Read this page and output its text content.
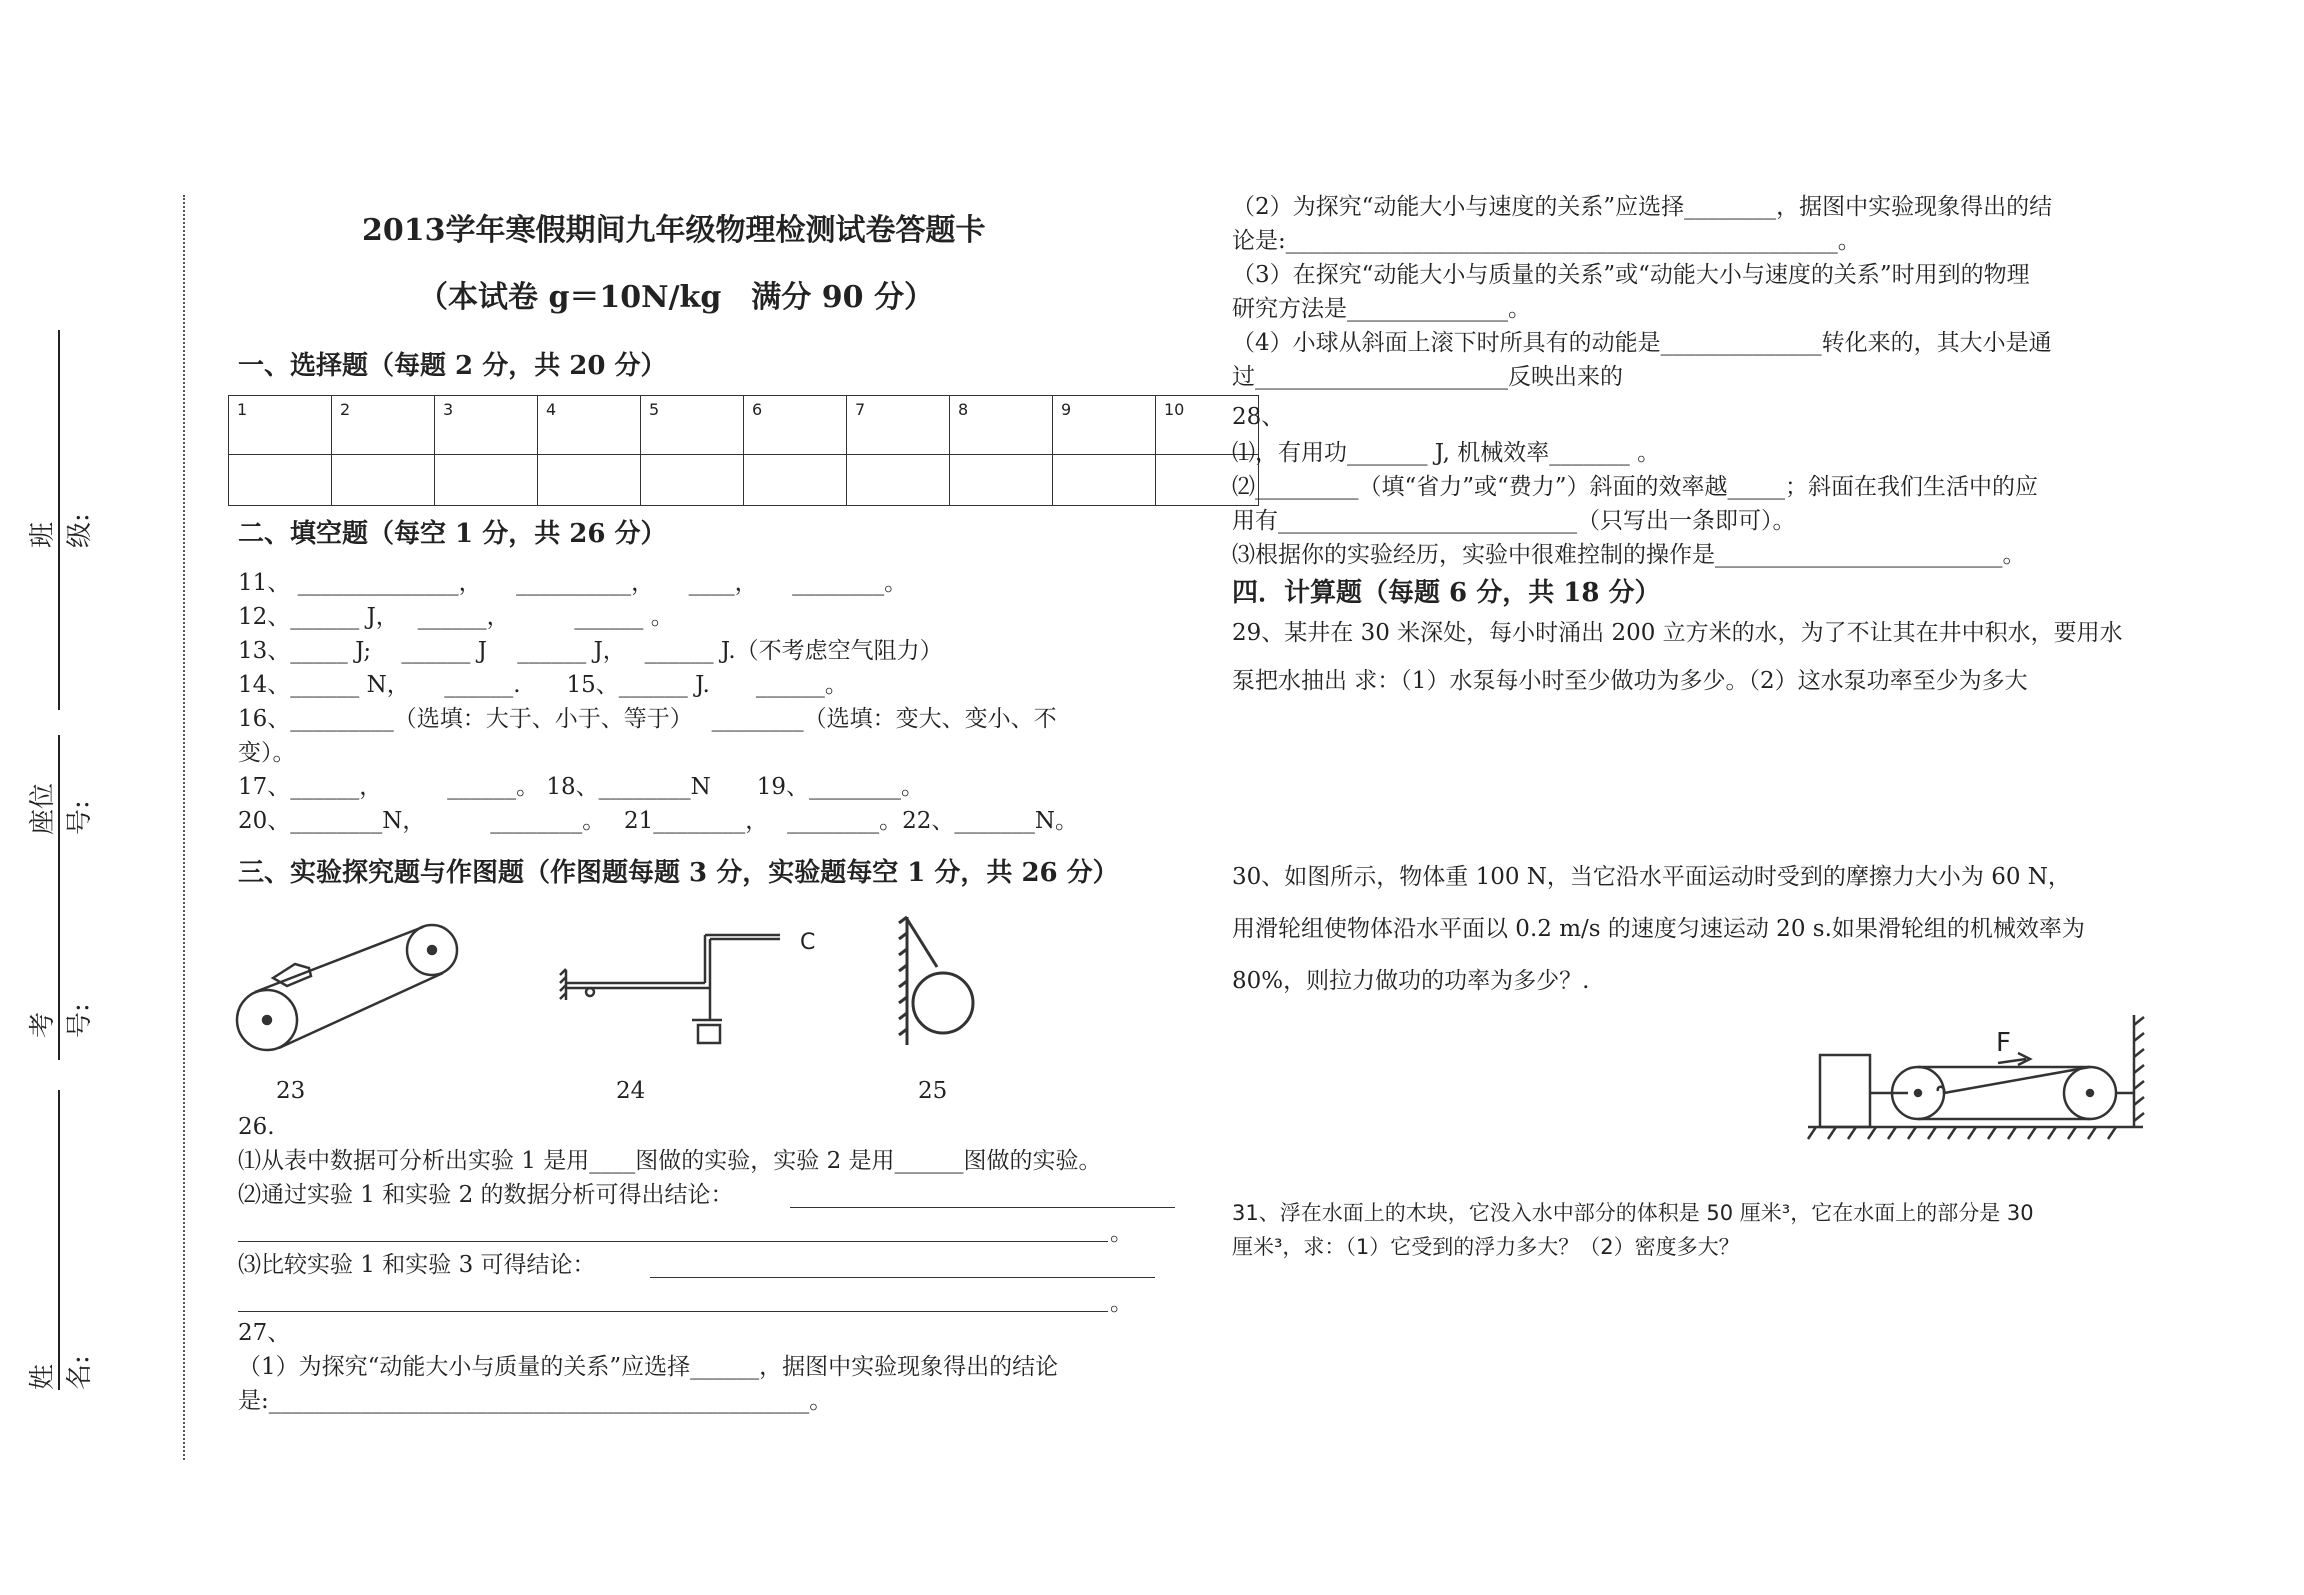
班级:
座位号:
考号:
姓名:
2013学年寒假期间九年级物理检测试卷答题卡
（本试卷 g＝10N/kg　满分 90 分）
一、选择题（每题 2 分，共 20 分）
1	2	3	4	5	6	7	8	9	10

二、填空题（每空 1 分，共 26 分）
11、 ______________，　　__________，　　____，　　________。
12、______ J，　 ______，　　　 ______ 。
13、_____ J;　 ______ J　 ______ J，　 ______ J.（不考虑空气阻力）
14、______ N，　　______.　　15、______ J.　　______。
16、_________（选填：大于、小于、等于）　 ________（选填：变大、变小、不
变）。
17、______，　　　 ______。 18、________N　　19、________。
20、________N，　　　 ________。　 21________，　 ________。22、_______N。
三、实验探究题与作图题（作图题每题 3 分，实验题每空 1 分，共 26 分）
23
C
24	25
26.
⑴从表中数据可分析出实验 1 是用____图做的实验，实验 2 是用______图做的实验。
⑵通过实验 1 和实验 2 的数据分析可得出结论：
。
⑶比较实验 1 和实验 3 可得结论：
。
27、
（1）为探究“动能大小与质量的关系”应选择______，据图中实验现象得出的结论
是:_______________________________________________。
（2）为探究“动能大小与速度的关系”应选择________，据图中实验现象得出的结
论是:________________________________________________。
（3）在探究“动能大小与质量的关系”或“动能大小与速度的关系”时用到的物理
研究方法是______________。
（4）小球从斜面上滚下时所具有的动能是______________转化来的，其大小是通
过______________________反映出来的
28、
⑴，有用功_______ J, 机械效率_______ 。
⑵_________（填“省力”或“费力”）斜面的效率越_____；斜面在我们生活中的应
用有__________________________（只写出一条即可）。
⑶根据你的实验经历，实验中很难控制的操作是_________________________。
四．计算题（每题 6 分，共 18 分）
29、某井在 30 米深处，每小时涌出 200 立方米的水，为了不让其在井中积水，要用水
泵把水抽出 求：（1）水泵每小时至少做功为多少。（2）这水泵功率至少为多大
30、如图所示，物体重 100 N，当它沿水平面运动时受到的摩擦力大小为 60 N，
用滑轮组使物体沿水平面以 0.2 m/s 的速度匀速运动 20 s.如果滑轮组的机械效率为
80%，则拉力做功的功率为多少？.
F
31、浮在水面上的木块，它没入水中部分的体积是 50 厘米³，它在水面上的部分是 30
厘米³，求：（1）它受到的浮力多大？（2）密度多大？
